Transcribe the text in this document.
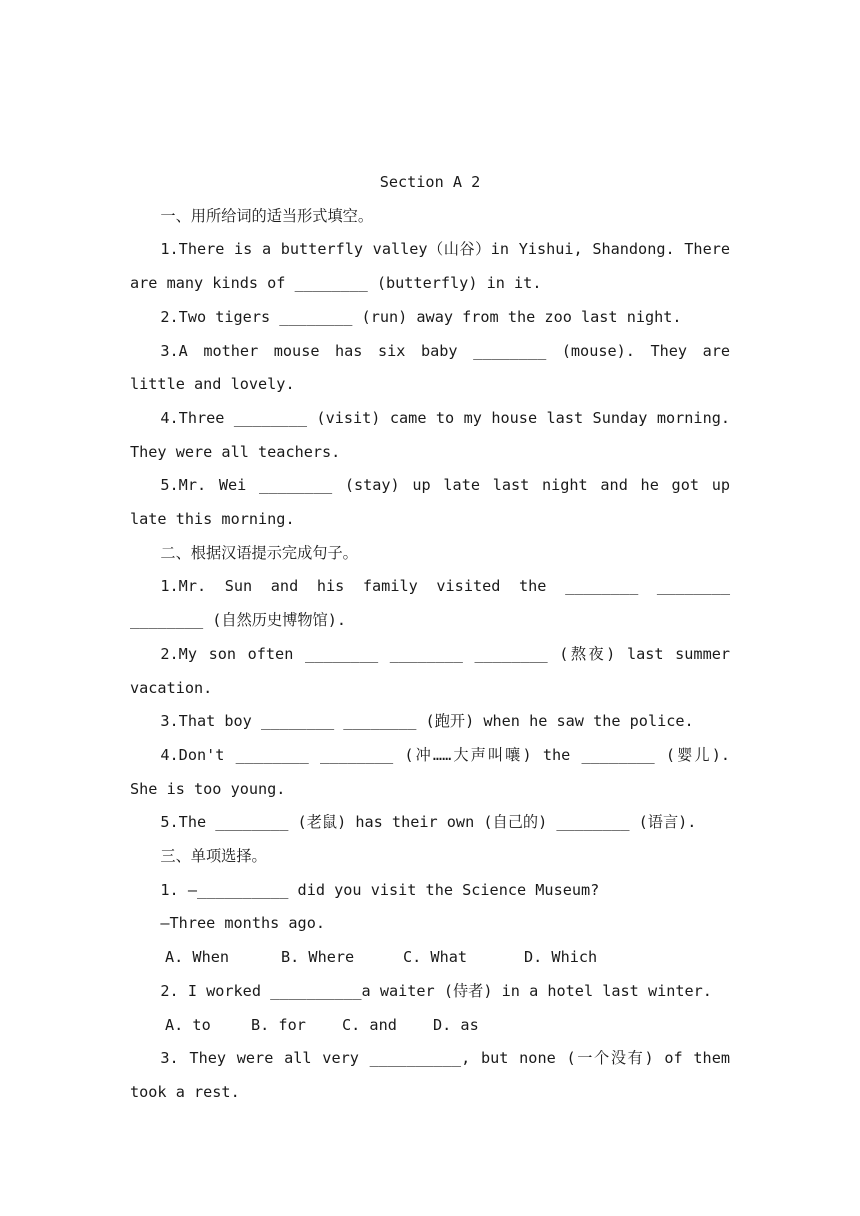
Section A 2

一、用所给词的适当形式填空。

1.There is a butterfly valley（山谷）in Yishui, Shandong. There are many kinds of ________ (butterfly) in it.

2.Two tigers ________ (run) away from the zoo last night.

3.A mother mouse has six baby ________ (mouse). They are little and lovely.

4.Three ________ (visit) came to my house last Sunday morning. They were all teachers.

5.Mr. Wei ________ (stay) up late last night and he got up late this morning.

二、根据汉语提示完成句子。

1.Mr. Sun and his family visited the ________ ________ ________ (自然历史博物馆).

2.My son often ________ ________ ________ (熬夜) last summer vacation.

3.That boy ________ ________ (跑开) when he saw the police.

4.Don't ________ ________ (冲……大声叫嚷) the ________ (婴儿). She is too young.

5.The ________ (老鼠) has their own (自己的) ________ (语言).

三、单项选择。

1. —__________ did you visit the Science Museum?

—Three months ago.

A. When	B. Where	C. What	D. Which

2. I worked __________a waiter (侍者) in a hotel last winter.

A. to	B. for C. and D. as

3. They were all very __________, but none (一个没有) of them took a rest.
